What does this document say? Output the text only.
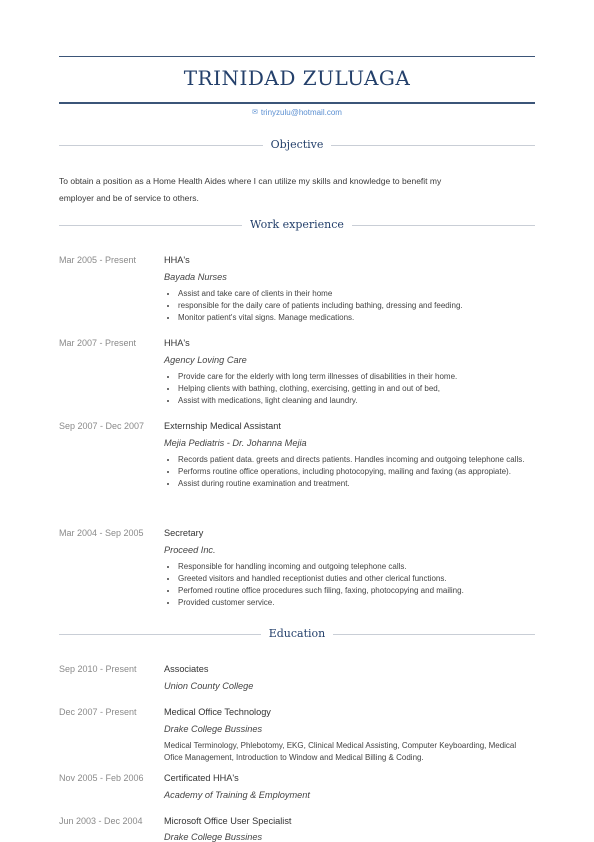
TRINIDAD ZULUAGA
✉ trinyzulu@hotmail.com
Objective
To obtain a position as a Home Health Aides where I can utilize my skills and knowledge to benefit my employer and be of service to others.
Work experience
Mar 2005 - Present	HHA's
Bayada Nurses
• Assist and take care of clients in their home
• responsible for the daily care of patients including bathing, dressing and feeding.
• Monitor patient's vital signs. Manage medications.
Mar 2007 - Present	HHA's
Agency Loving Care
• Provide care for the elderly with long term illnesses of disabilities in their home.
• Helping clients with bathing, clothing, exercising, getting in and out of bed,
• Assist with medications, light cleaning and laundry.
Sep 2007 - Dec 2007 Externship Medical Assistant
Mejia Pediatris - Dr. Johanna Mejia
• Records patient data. greets and directs patients. Handles incoming and outgoing telephone calls.
• Performs routine office operations, including photocopying, mailing and faxing (as appropiate).
• Assist during routine examination and treatment.
Mar 2004 - Sep 2005 Secretary
Proceed Inc.
• Responsible for handling incoming and outgoing telephone calls.
• Greeted visitors and handled receptionist duties and other clerical functions.
• Perfomed routine office procedures such filing, faxing, photocopying and mailing.
• Provided customer service.
Education
Sep 2010 - Present	Associates
Union County College
Dec 2007 - Present	Medical Office Technology
Drake College Bussines
Medical Terminology, Phlebotomy, EKG, Clinical Medical Assisting, Computer Keyboarding, Medical Ofice Management, Introduction to Window and Medical Billing & Coding.
Nov 2005 - Feb 2006 Certificated HHA's
Academy of Training & Employment
Jun 2003 - Dec 2004 Microsoft Office User Specialist
Drake College Bussines
